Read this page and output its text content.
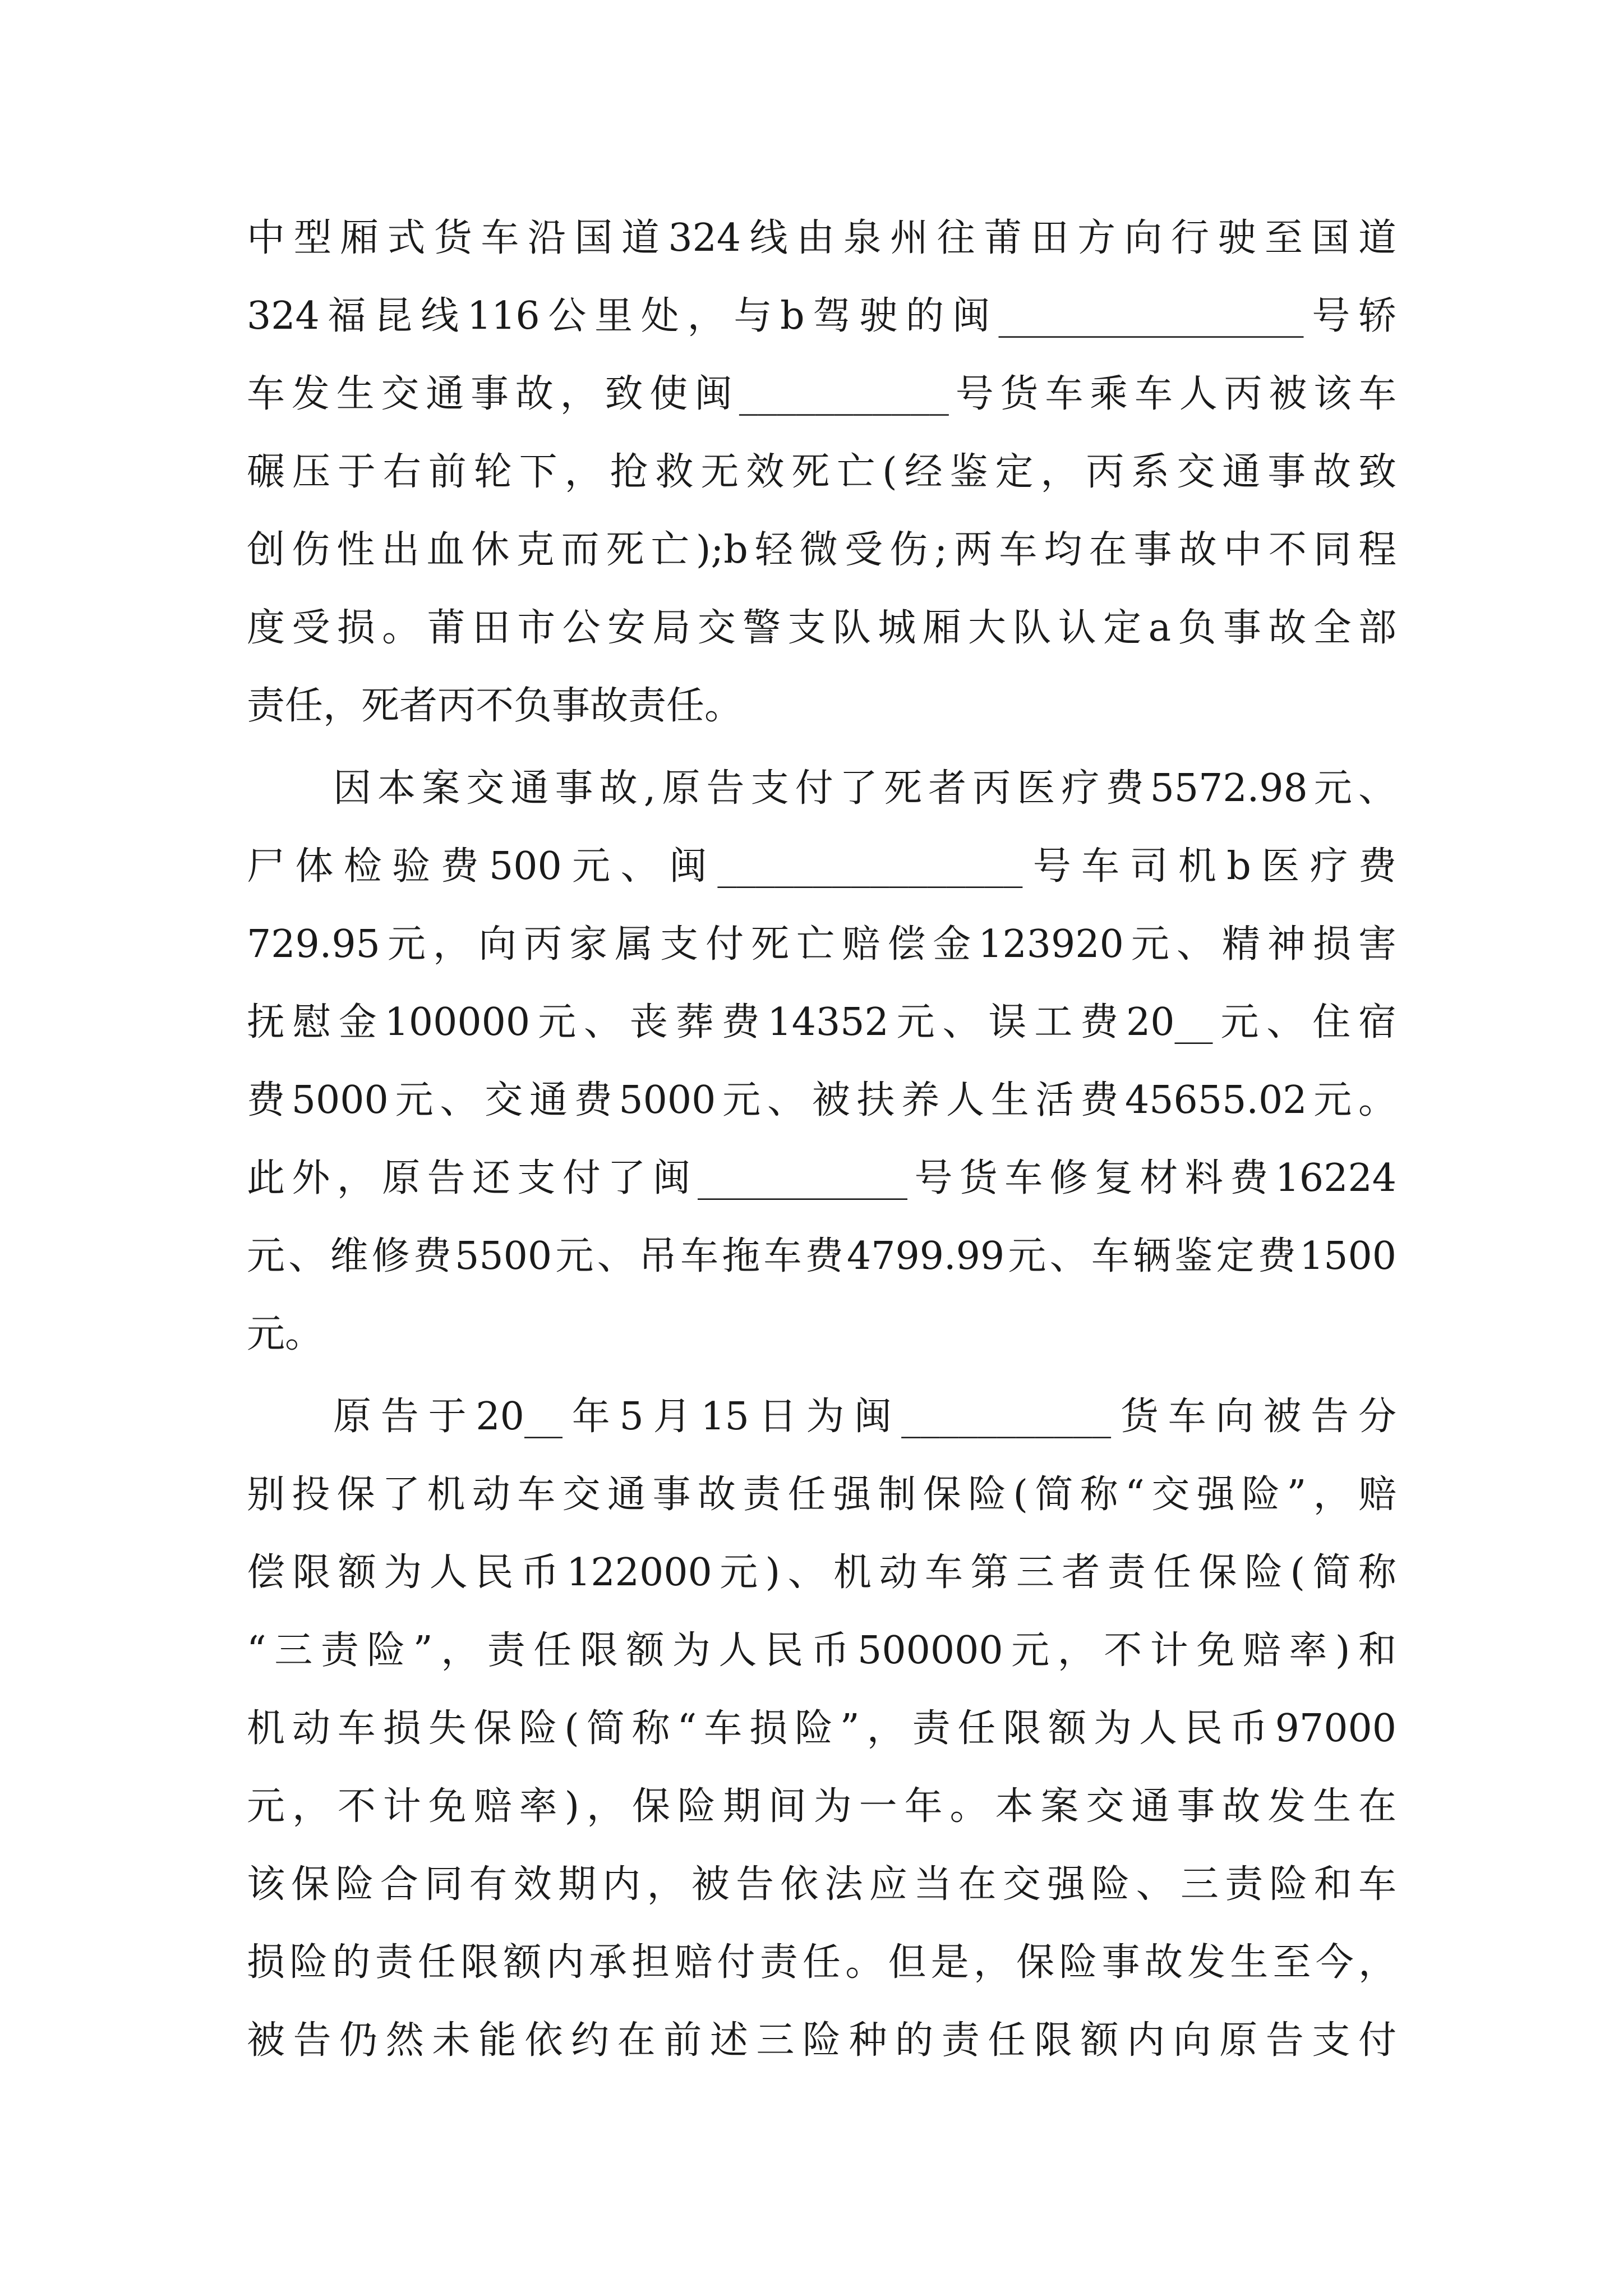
中型厢式货车沿国道324线由泉州往莆田方向行驶至国道
324福昆线116公里处，与b驾驶的闽________________号轿
车发生交通事故，致使闽___________号货车乘车人丙被该车
碾压于右前轮下，抢救无效死亡(经鉴定，丙系交通事故致
创伤性出血休克而死亡);b轻微受伤;两车均在事故中不同程
度受损。莆田市公安局交警支队城厢大队认定a负事故全部
责任，死者丙不负事故责任。
因本案交通事故,原告支付了死者丙医疗费5572.98元、
尸体检验费500元、闽________________号车司机b医疗费
729.95元，向丙家属支付死亡赔偿金123920元、精神损害
抚慰金100000元、丧葬费14352元、误工费20__元、住宿
费5000元、交通费5000元、被扶养人生活费45655.02元。
此外，原告还支付了闽___________号货车修复材料费16224
元、维修费5500元、吊车拖车费4799.99元、车辆鉴定费1500
元。
原告于20__年5月15日为闽___________货车向被告分
别投保了机动车交通事故责任强制保险(简称“交强险”，赔
偿限额为人民币122000元)、机动车第三者责任保险(简称
“三责险”，责任限额为人民币500000元，不计免赔率)和
机动车损失保险(简称“车损险”，责任限额为人民币97000
元，不计免赔率)，保险期间为一年。本案交通事故发生在
该保险合同有效期内，被告依法应当在交强险、三责险和车
损险的责任限额内承担赔付责任。但是，保险事故发生至今，
被告仍然未能依约在前述三险种的责任限额内向原告支付
